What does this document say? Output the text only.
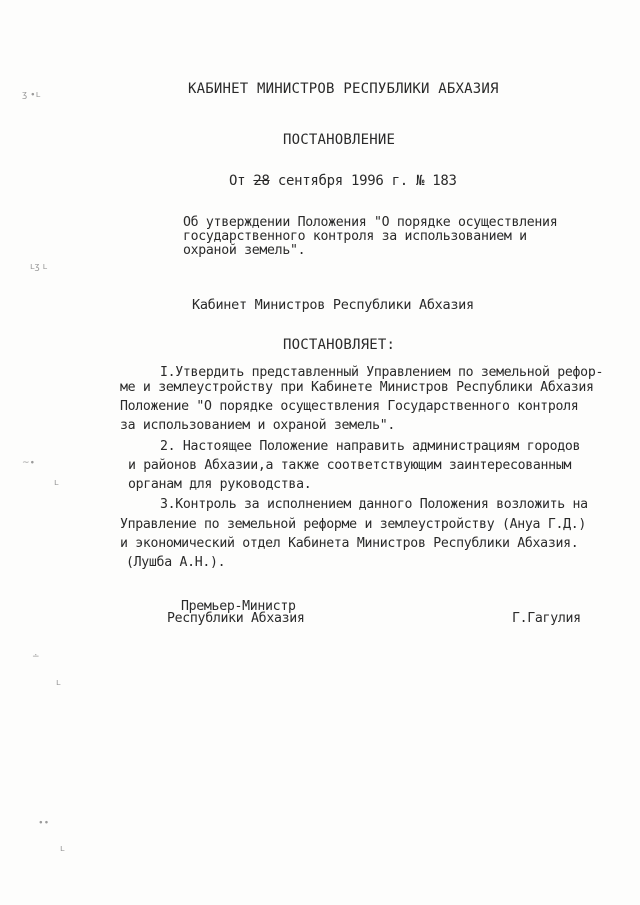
ʒ ∙ʟ
ʟʒ ʟ
~∙
ʟ
∸
ʟ
∙∙
ʟ
КАБИНЕТ МИНИСТРОВ РЕСПУБЛИКИ АБХАЗИЯ
ПОСТАНОВЛЕНИЕ
От 28 сентября 1996 г. № 183
Об утверждении Положения "О порядке осуществления
государственного контроля за использованием и
охраной земель".
Кабинет Министров Республики Абхазия
ПОСТАНОВЛЯЕТ:
I.Утвердить представленный Управлением по земельной рефор-
ме и землеустройству при Кабинете Министров Республики Абхазия
Положение "О порядке осуществления Государственного контроля
за использованием и охраной земель".
2. Настоящее Положение направить администрациям городов
и районов Абхазии,а также соответствующим заинтересованным
органам для руководства.
3.Контроль за исполнением данного Положения возложить на
Управление по земельной реформе и землеустройству (Ануа Г.Д.)
и экономический отдел Кабинета Министров Республики Абхазия.
(Лушба А.Н.).
Премьер-Министр
Республики Абхазия	Г.Гагулия
